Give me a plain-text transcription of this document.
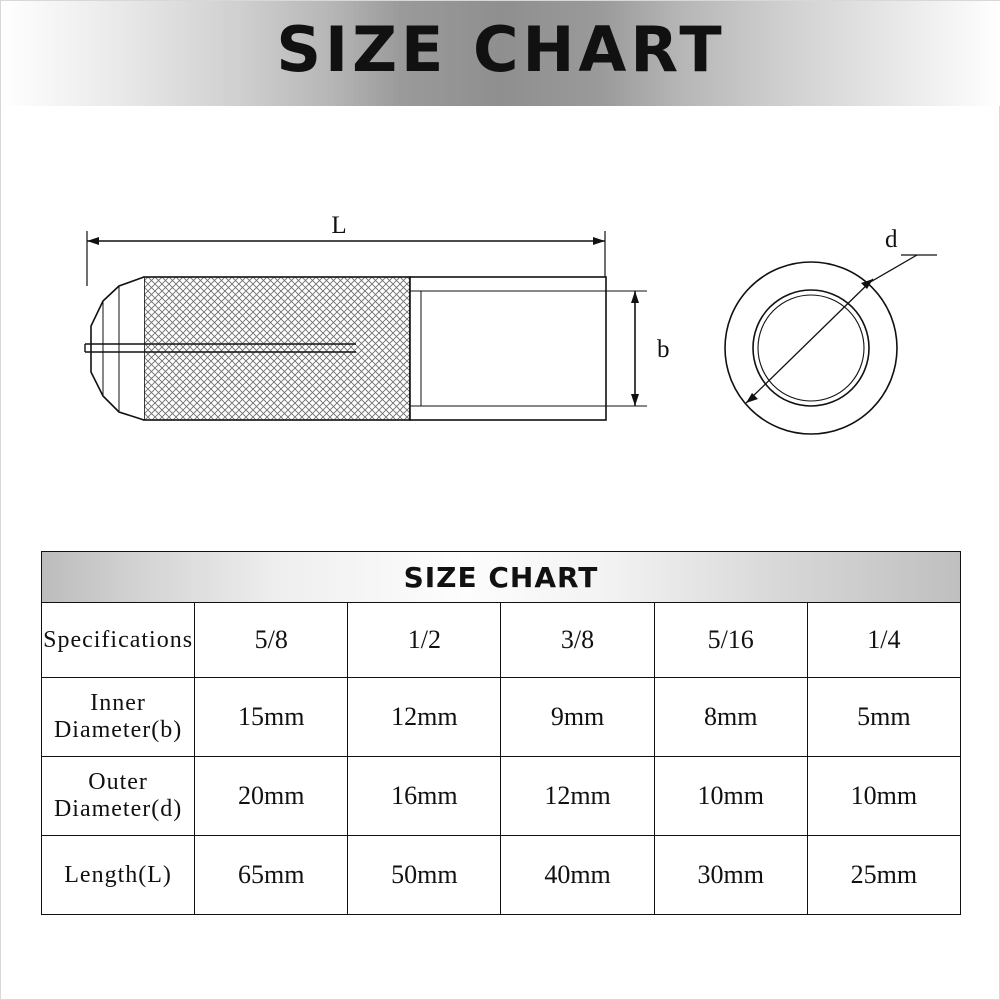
SIZE CHART
L
b
d
SIZE CHART					
Specifications	5/8	1/2	3/8	5/16	1/4
Inner Diameter(b)	15mm	12mm	9mm	8mm	5mm
Outer Diameter(d)	20mm	16mm	12mm	10mm	10mm
Length(L)	65mm	50mm	40mm	30mm	25mm
